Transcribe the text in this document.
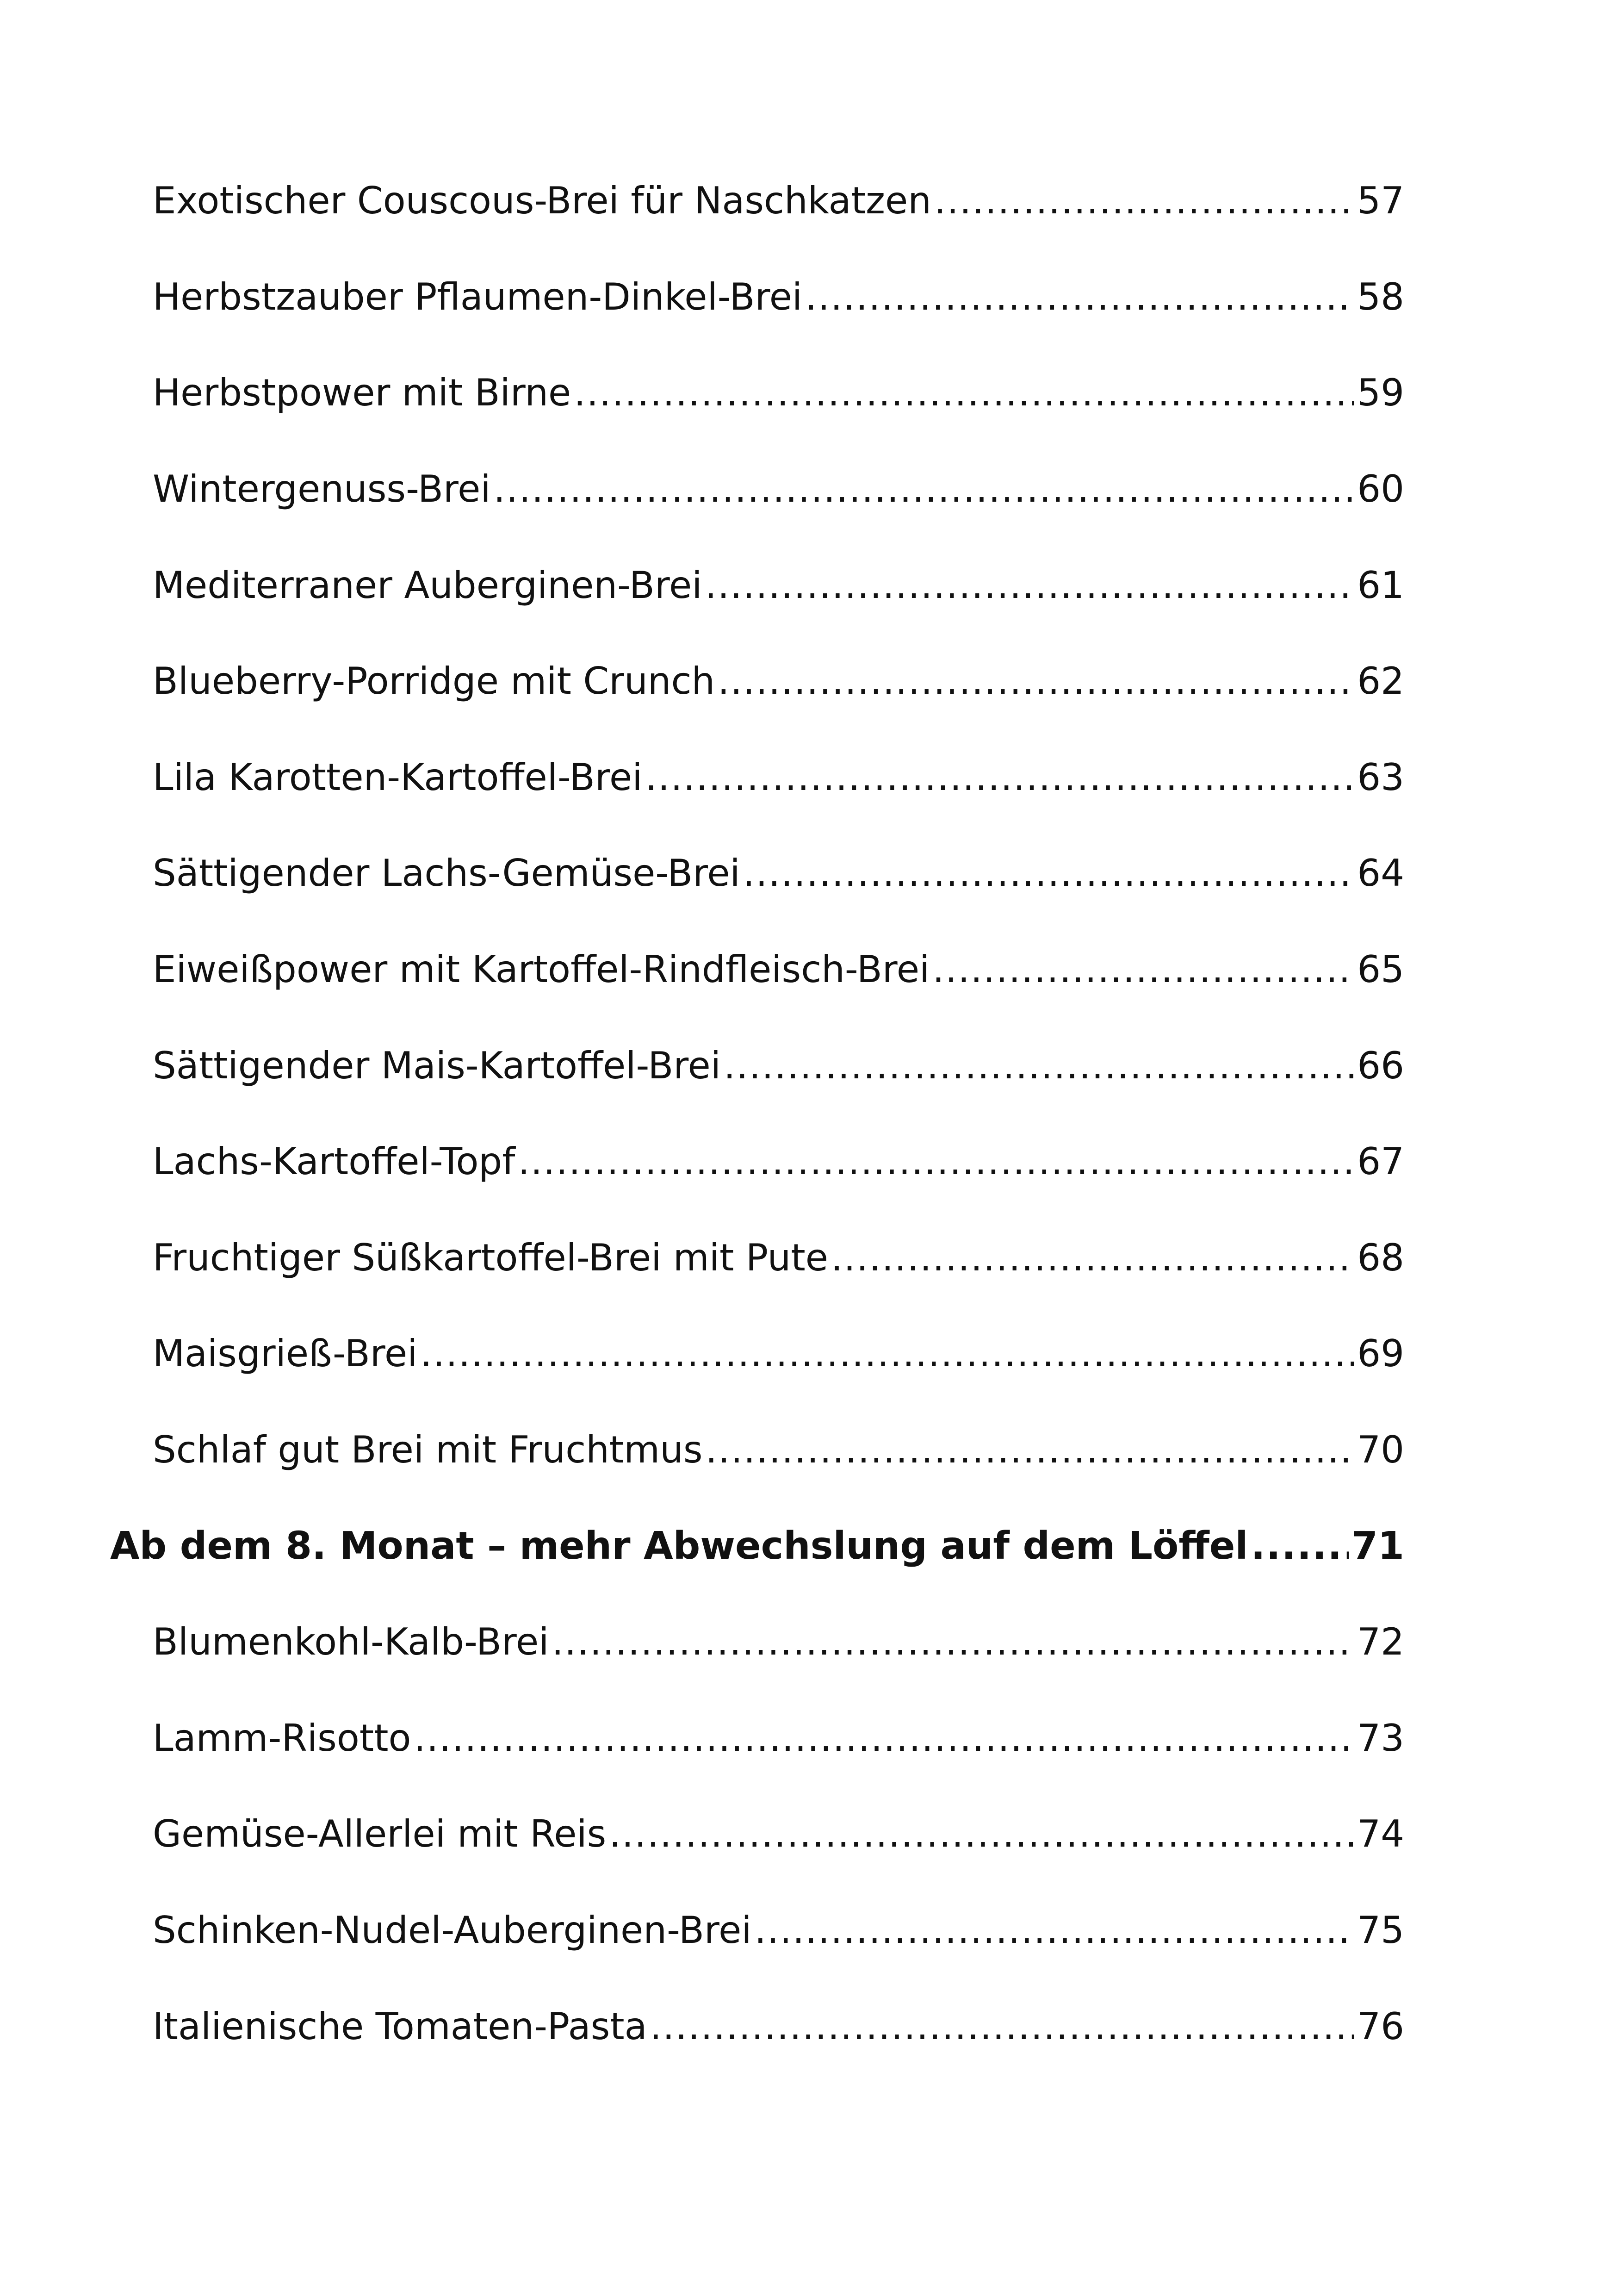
Exotischer Couscous-Brei für Naschkatzen .....	57
Herbstzauber Pflaumen-Dinkel-Brei .....	58
Herbstpower mit Birne .....	59
Wintergenuss-Brei .....	60
Mediterraner Auberginen-Brei .....	61
Blueberry-Porridge mit Crunch .....	62
Lila Karotten-Kartoffel-Brei .....	63
Sättigender Lachs-Gemüse-Brei .....	64
Eiweißpower mit Kartoffel-Rindfleisch-Brei .....	65
Sättigender Mais-Kartoffel-Brei .....	66
Lachs-Kartoffel-Topf .....	67
Fruchtiger Süßkartoffel-Brei mit Pute .....	68
Maisgrieß-Brei .....	69
Schlaf gut Brei mit Fruchtmus .....	70
Ab dem 8. Monat – mehr Abwechslung auf dem Löffel .....	71
Blumenkohl-Kalb-Brei .....	72
Lamm-Risotto .....	73
Gemüse-Allerlei mit Reis .....	74
Schinken-Nudel-Auberginen-Brei .....	75
Italienische Tomaten-Pasta .....	76
